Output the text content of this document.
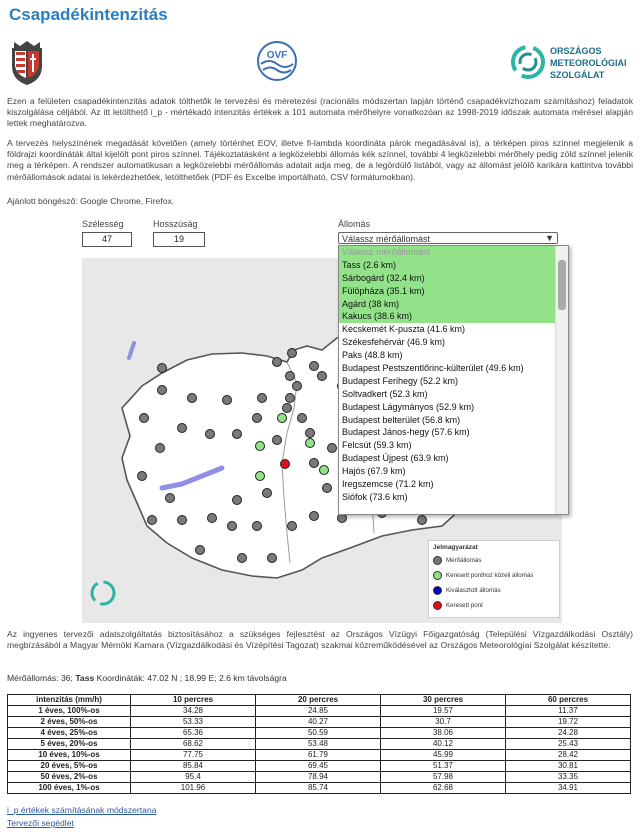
Csapadékintenzitás
OVF	ORSZÁGOS
METEOROLÓGIAI
SZOLGÁLAT
Ezen a felületen csapadékintenzitás adatok tölthetők le tervezési és méretezési (racionális módszertan lapján történő csapadékvízhozam számításhoz) feladatok kiszolgálása céljából. Az itt letölthető i_p - mértékadó intenzitás értékek a 101 automata mérőhelyre vonatkozóan az 1998-2019 időszak automata mérései alapján lettek meghatározva.
A tervezés helyszínének megadását követően (amely történhet EOV, illetve fi-lambda koordináta párok megadásával is), a térképen piros színnel megjelenik a földrajzi koordináták által kijelölt pont piros színnel. Tájékoztatásként a legközelebbi állomás kék színnel, további 4 legközelebbi mérőhely pedig zöld színnel jelenik meg a térképen. A rendszer automatikusan a legközelebbi mérőállomás adatait adja meg, de a legördülő listából, vagy az állomást jelölő karikára kattintva további mérőállomások adatai is lekérdezhetőek, letölthetőek (PDF és Excelbe importálható, CSV formátumokban).
Ajánlott böngésző: Google Chrome, Firefox.
Szélesség
47
Hosszúság
19
Állomás
Válassz mérőállomást	▼
Válassz mérőállomást
Tass (2.6 km)
Sárbogárd (32.4 km)
Fülöpháza (35.1 km)
Agárd (38 km)
Kakucs (38.6 km)
Kecskemét K-puszta (41.6 km)
Székesfehérvár (46.9 km)
Paks (48.8 km)
Budapest Pestszentlőrinc-külterület (49.6 km)
Budapest Ferihegy (52.2 km)
Soltvadkert (52.3 km)
Budapest Lágymányos (52.9 km)
Budapest belterület (56.8 km)
Budapest János-hegy (57.6 km)
Felcsút (59.3 km)
Budapest Újpest (63.9 km)
Hajós (67.9 km)
Iregszemcse (71.2 km)
Siófok (73.6 km)
Jelmagyarázat
Mérőállomás
Keresett ponthoz közeli állomás
Kiválasztott állomás
Keresett pont
Az ingyenes tervezői adatszolgáltatás biztosításához a szükséges fejlesztést az Országos Vízügyi Főigazgatóság (Települési Vízgazdálkodási Osztály) megbízásából a Magyar Mérnöki Kamara (Vízgazdálkodási és Vízépítési Tagozat) szakmai közreműködésével az Országos Meteorológiai Szolgálat készítette.
Mérőállomás: 36; Tass Koordináták: 47.02 N ; 18.99 E; 2.6 km távolságra
intenzitás (mm/h)	10 percres	20 percres	30 percres	60 percres
1 éves, 100%-os	34.28	24.85	19.57	11.37
2 éves, 50%-os	53.33	40.27	30.7	19.72
4 éves, 25%-os	65.36	50.59	38.06	24.28
5 éves, 20%-os	68.62	53.48	40.12	25.43
10 éves, 10%-os	77.75	61.79	45.99	28.42
20 éves, 5%-os	85.84	69.45	51.37	30.81
50 éves, 2%-os	95.4	78.94	57.98	33.35
100 éves, 1%-os	101.96	85.74	62.68	34.91
i_p értékek számításának módszertana
Tervezői segédlet
